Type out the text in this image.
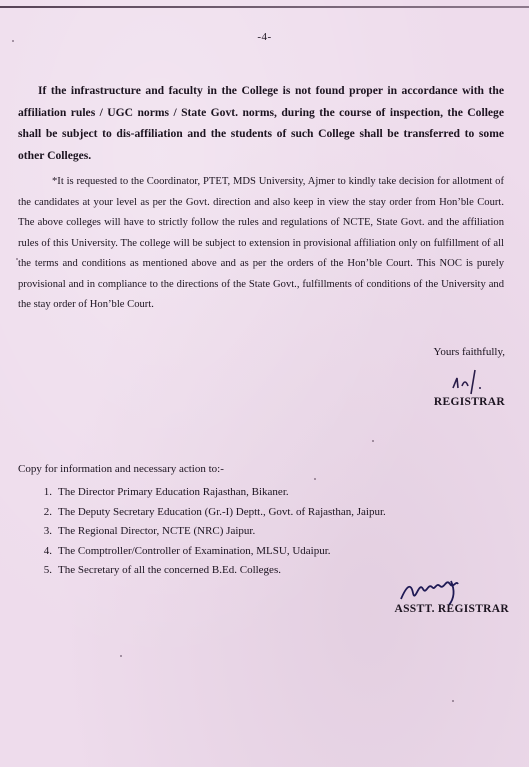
-4-

If the infrastructure and faculty in the College is not found proper in accordance with the affiliation rules / UGC norms / State Govt. norms, during the course of inspection, the College shall be subject to dis-affiliation and the students of such College shall be transferred to some other Colleges.

*It is requested to the Coordinator, PTET, MDS University, Ajmer to kindly take decision for allotment of the candidates at your level as per the Govt. direction and also keep in view the stay order from Hon’ble Court. The above colleges will have to strictly follow the rules and regulations of NCTE, State Govt. and the affiliation rules of this University. The college will be subject to extension in provisional affiliation only on fulfillment of all the terms and conditions as mentioned above and as per the orders of the Hon’ble Court. This NOC is purely provisional and in compliance to the directions of the State Govt., fulfillments of conditions of the University and the stay order of Hon’ble Court.

Yours faithfully,
REGISTRAR
Copy for information and necessary action to:-
1. The Director Primary Education Rajasthan, Bikaner.
2. The Deputy Secretary Education (Gr.-I) Deptt., Govt. of Rajasthan, Jaipur.
3. The Regional Director, NCTE (NRC) Jaipur.
4. The Comptroller/Controller of Examination, MLSU, Udaipur.
5. The Secretary of all the concerned B.Ed. Colleges.
ASSTT. REGISTRAR
